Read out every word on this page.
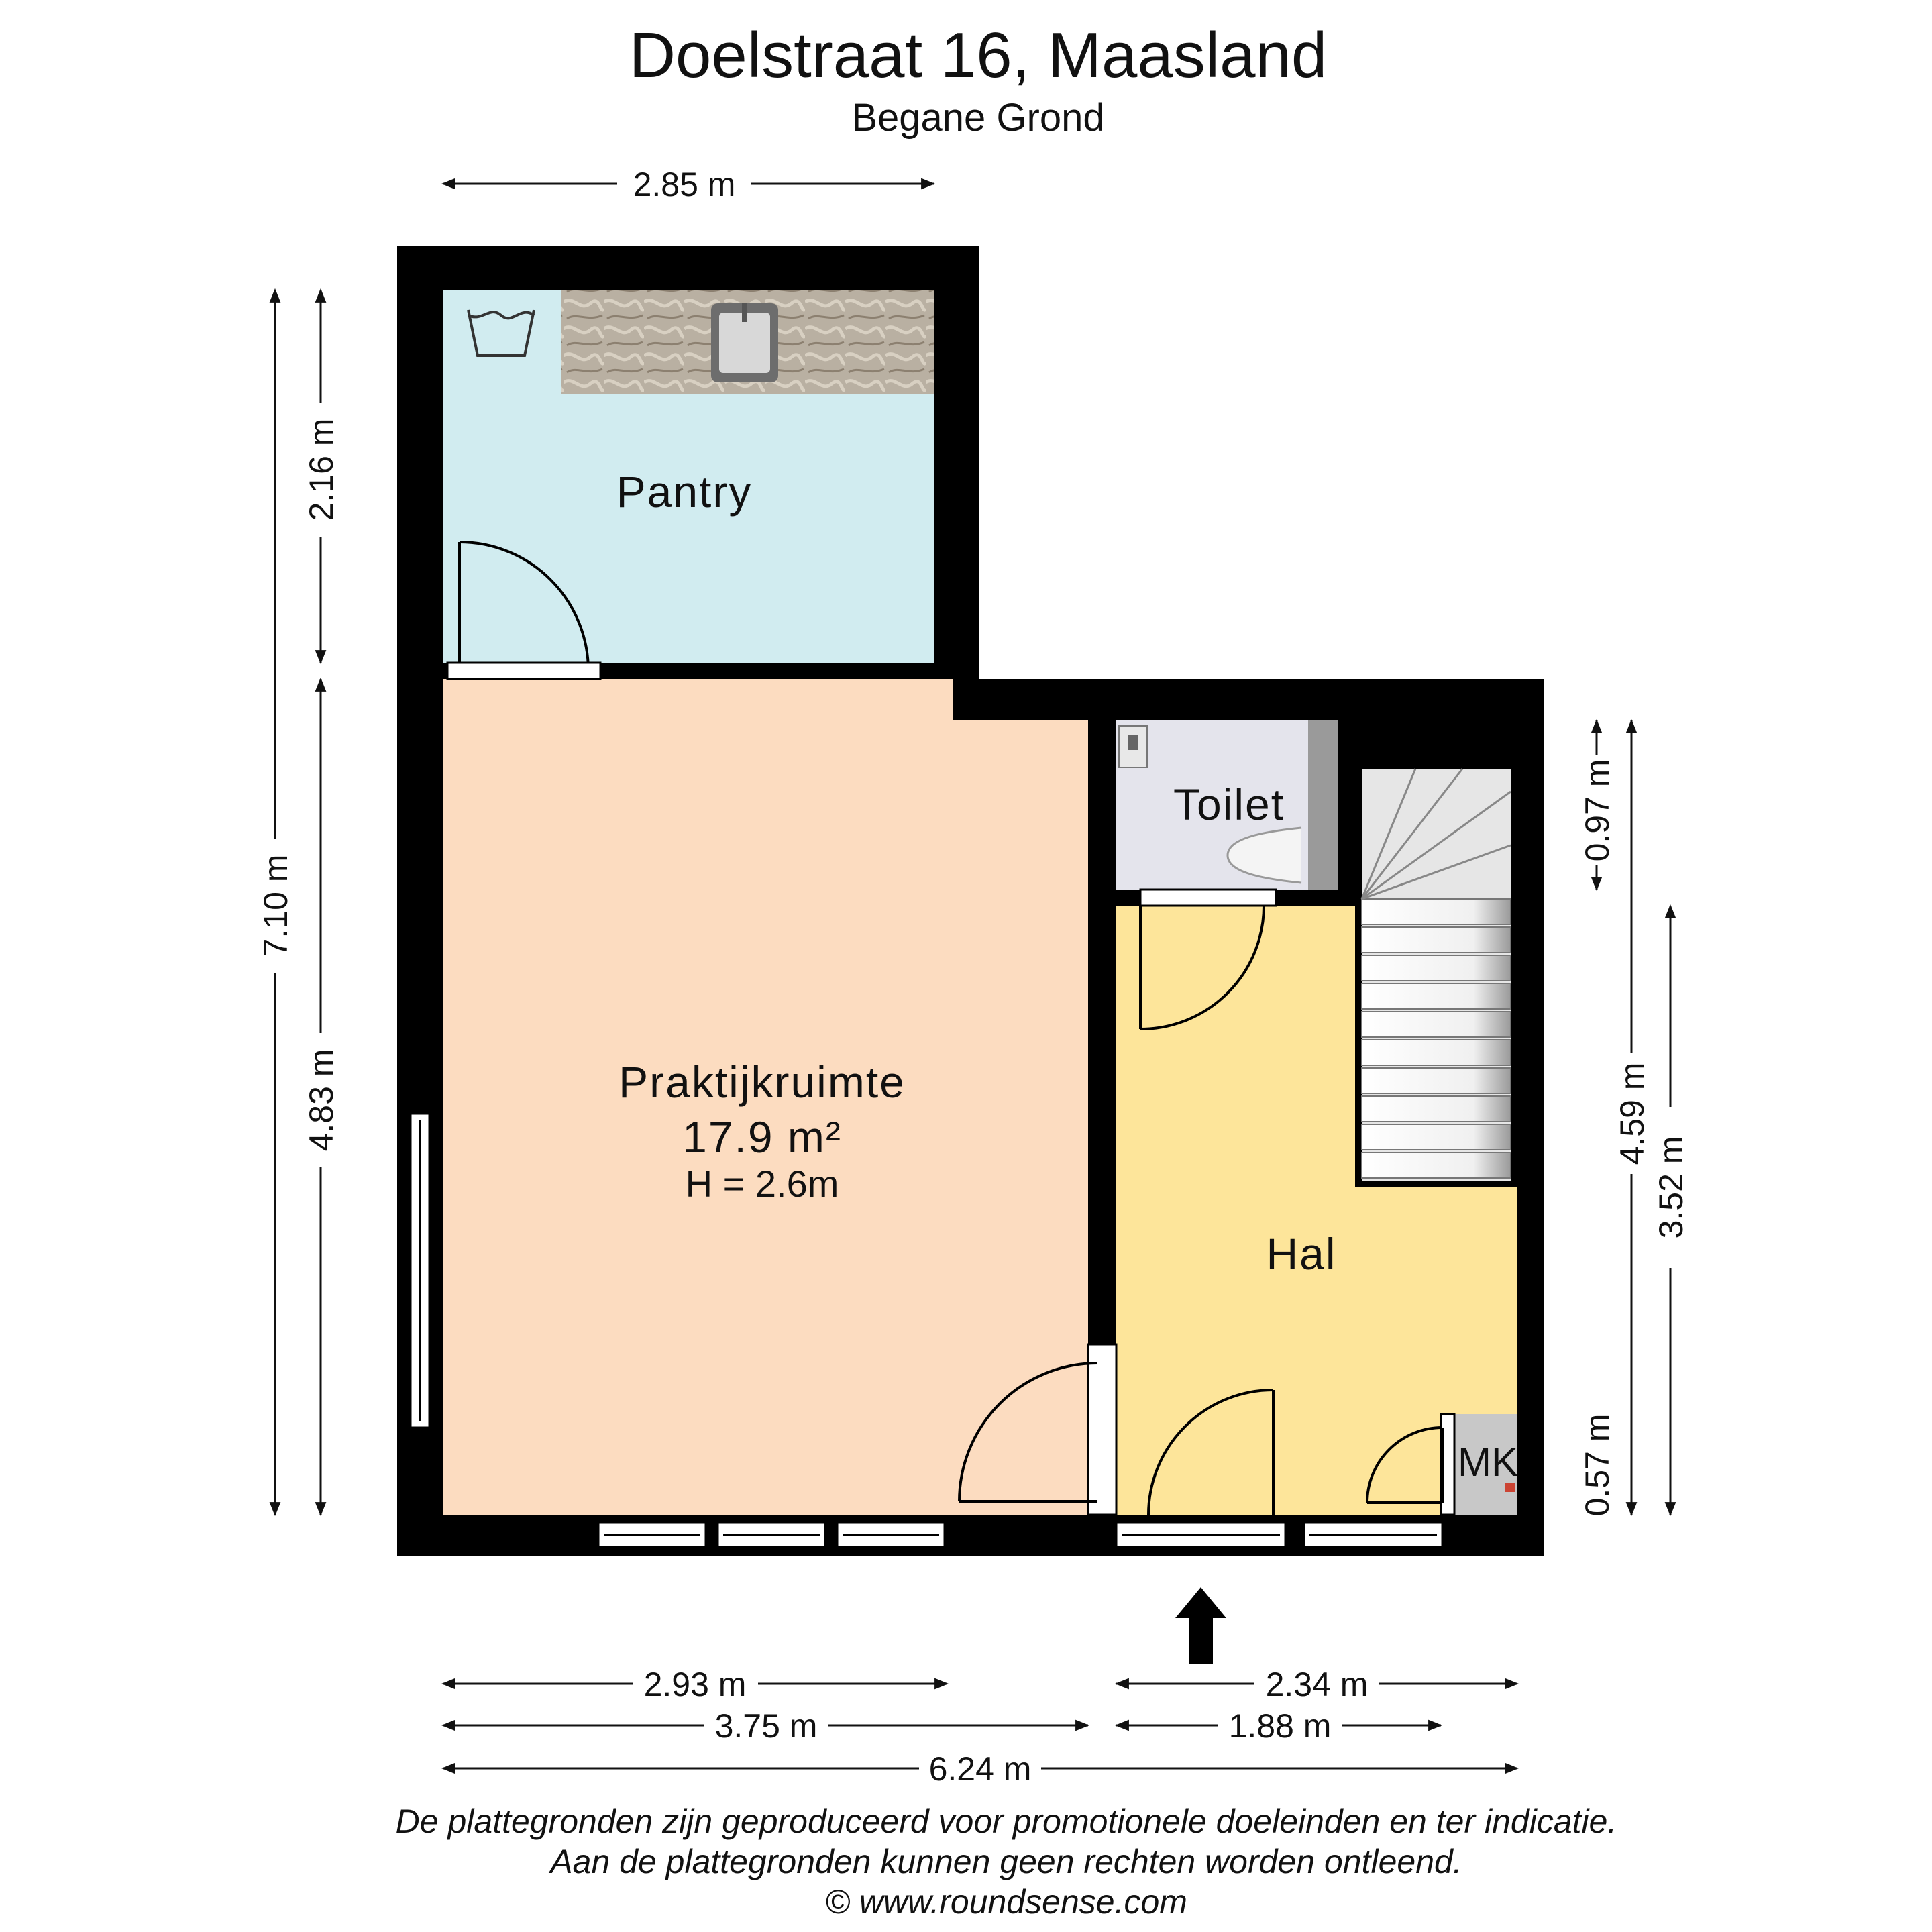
Doelstraat 16, Maasland
Begane Grond
Pantry
Praktijkruimte
17.9 m²
H = 2.6m
Toilet
Hal
MK
2.85 m
7.10 m
2.16 m
4.83 m
0.97 m
4.59 m
3.52 m
0.57 m
2.93 m
3.75 m
6.24 m
2.34 m
1.88 m
De plattegronden zijn geproduceerd voor promotionele doeleinden en ter indicatie.
Aan de plattegronden kunnen geen rechten worden ontleend.
© www.roundsense.com
